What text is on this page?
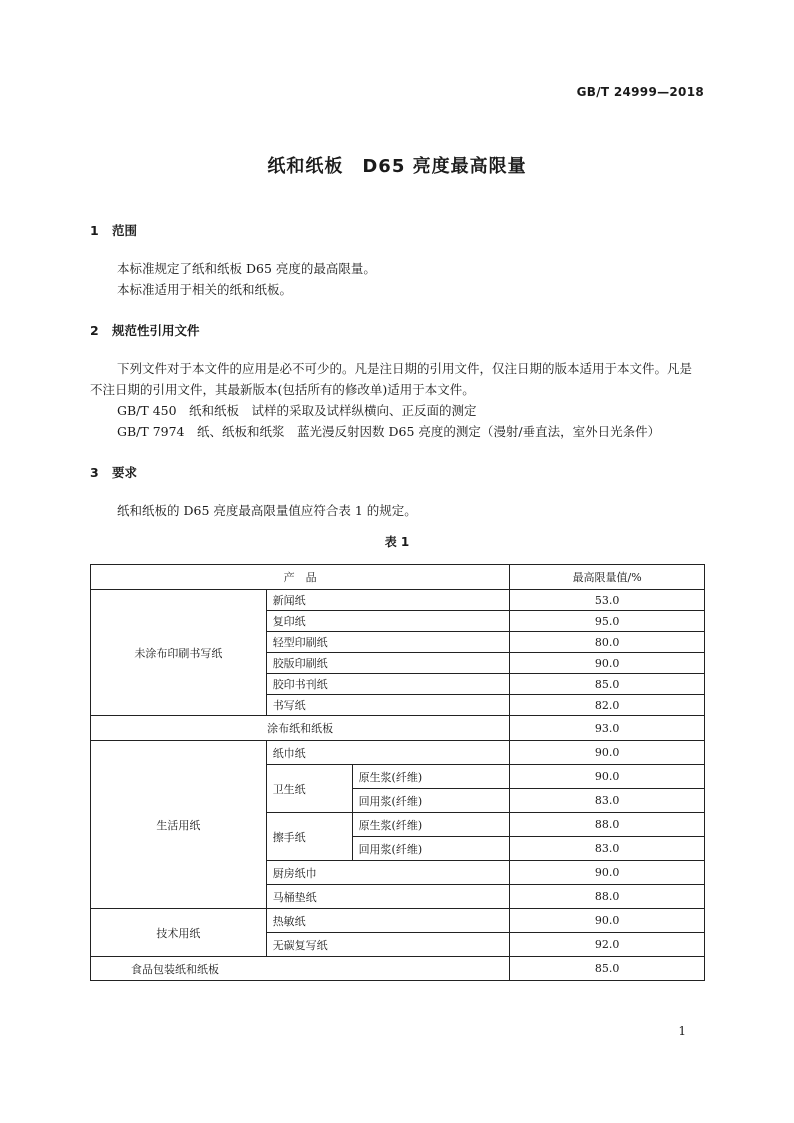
GB/T 24999—2018
纸和纸板　D65 亮度最高限量
1 范围
本标准规定了纸和纸板 D65 亮度的最高限量。
本标准适用于相关的纸和纸板。
2 规范性引用文件
下列文件对于本文件的应用是必不可少的。凡是注日期的引用文件，仅注日期的版本适用于本文件。凡是不注日期的引用文件，其最新版本(包括所有的修改单)适用于本文件。
GB/T 450　纸和纸板　试样的采取及试样纵横向、正反面的测定
GB/T 7974　纸、纸板和纸浆　蓝光漫反射因数 D65 亮度的测定（漫射/垂直法，室外日光条件）
3 要求
纸和纸板的 D65 亮度最高限量值应符合表 1 的规定。
表 1
产　品			最高限量值/%
未涂布印刷书写纸	新闻纸		53.0
	复印纸		95.0
	轻型印刷纸		80.0
	胶版印刷纸		90.0
	胶印书刊纸		85.0
	书写纸		82.0
涂布纸和纸板			93.0
生活用纸	纸巾纸		90.0
	卫生纸	原生浆(纤维)	90.0
		回用浆(纤维)	83.0
	擦手纸	原生浆(纤维)	88.0
		回用浆(纤维)	83.0
	厨房纸巾		90.0
	马桶垫纸		88.0
技术用纸	热敏纸		90.0
	无碳复写纸		92.0
食品包装纸和纸板			85.0
1
